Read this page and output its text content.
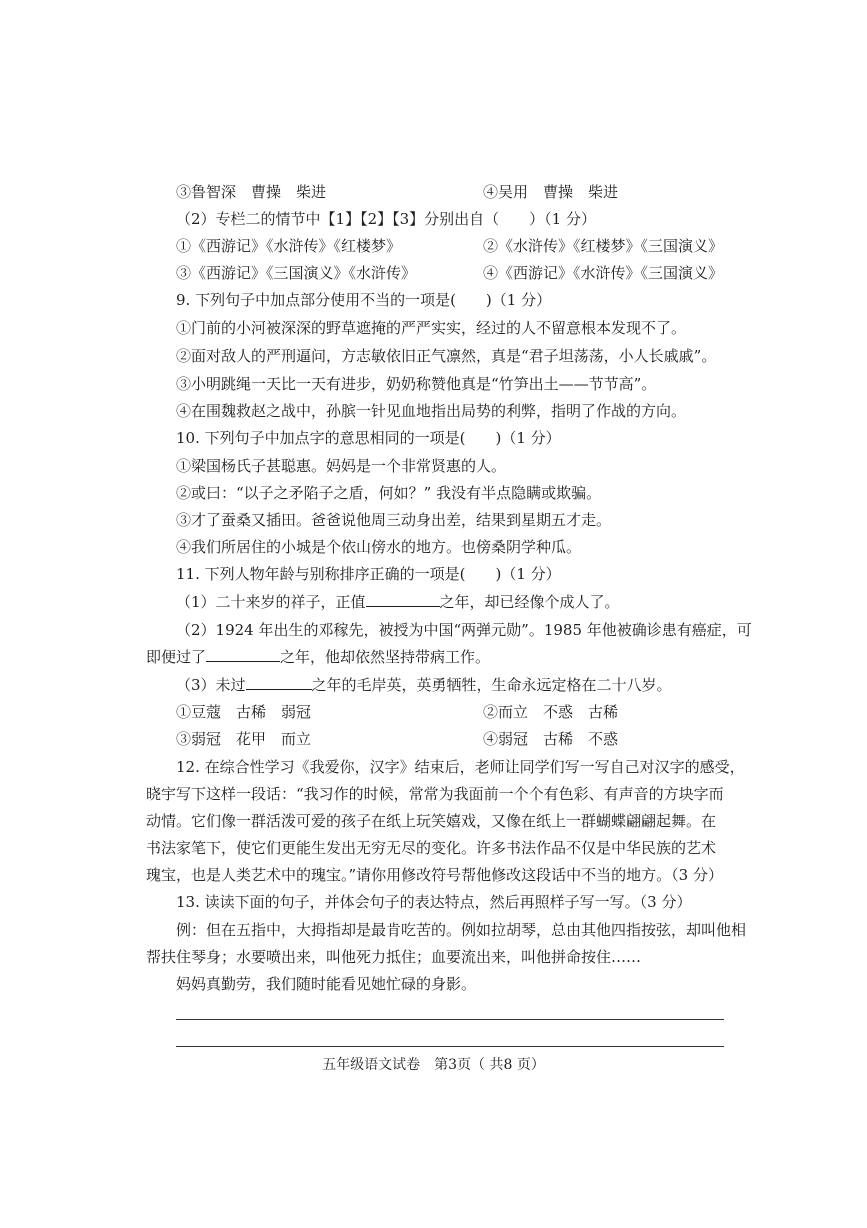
③鲁智深　曹操　柴进	④吴用　曹操　柴进
（2）专栏二的情节中【1】【2】【3】分别出自（　　）（1 分）
①《西游记》《水浒传》《红楼梦》	②《水浒传》《红楼梦》《三国演义》
③《西游记》《三国演义》《水浒传》	④《西游记》《水浒传》《三国演义》
9. 下列句子中加点部分使用不当的一项是(　　)（1 分）
①门前的小河被深深的野草遮掩的严严实实，经过的人不留意根本发现不了。
②面对敌人的严刑逼问，方志敏依旧正气凛然，真是“君子坦荡荡，小人长戚戚”。
③小明跳绳一天比一天有进步，奶奶称赞他真是“竹笋出土——节节高”。
④在围魏救赵之战中，孙膑一针见血地指出局势的利弊，指明了作战的方向。
10. 下列句子中加点字的意思相同的一项是(　　)（1 分）
①梁国杨氏子甚聪惠。妈妈是一个非常贤惠的人。
②或曰：“以子之矛陷子之盾，何如？” 我没有半点隐瞒或欺骗。
③才了蚕桑又插田。爸爸说他周三动身出差，结果到星期五才走。
④我们所居住的小城是个依山傍水的地方。也傍桑阴学种瓜。
11. 下列人物年龄与别称排序正确的一项是(　　)（1 分）
（1）二十来岁的祥子，正值	之年，却已经像个成人了。
（2）1924 年出生的邓稼先，被授为中国“两弹元勋”。1985 年他被确诊患有癌症，可
即便过了	之年，他却依然坚持带病工作。
（3）未过	之年的毛岸英，英勇牺牲，生命永远定格在二十八岁。
①豆蔻　古稀　弱冠	②而立　不惑　古稀
③弱冠　花甲　而立	④弱冠　古稀　不惑
12. 在综合性学习《我爱你，汉字》结束后，老师让同学们写一写自己对汉字的感受，
晓宇写下这样一段话：“我习作的时候，常常为我面前一个个有色彩、有声音的方块字而
动情。它们像一群活泼可爱的孩子在纸上玩笑嬉戏，又像在纸上一群蝴蝶翩翩起舞。在
书法家笔下，使它们更能生发出无穷无尽的变化。许多书法作品不仅是中华民族的艺术
瑰宝，也是人类艺术中的瑰宝。”请你用修改符号帮他修改这段话中不当的地方。（3 分）
13. 读读下面的句子，并体会句子的表达特点，然后再照样子写一写。（3 分）
例：但在五指中，大拇指却是最肯吃苦的。例如拉胡琴，总由其他四指按弦，却叫他相
帮扶住琴身；水要喷出来，叫他死力抵住；血要流出来，叫他拼命按住……
妈妈真勤劳，我们随时能看见她忙碌的身影。
五年级语文试卷　第3页（ 共8 页）
